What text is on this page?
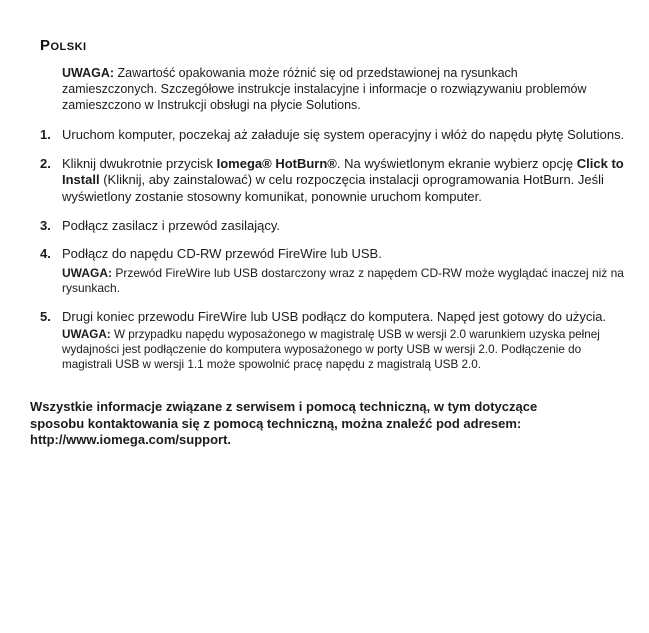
Polski

UWAGA: Zawartość opakowania może różnić się od przedstawionej na rysunkach zamieszczonych. Szczegółowe instrukcje instalacyjne i informacje o rozwiązywaniu problemów zamieszczono w Instrukcji obsługi na płycie Solutions.

1. Uruchom komputer, poczekaj aż załaduje się system operacyjny i włóż do napędu płytę Solutions.

2. Kliknij dwukrotnie przycisk Iomega® HotBurn®. Na wyświetlonym ekranie wybierz opcję Click to Install (Kliknij, aby zainstalować) w celu rozpoczęcia instalacji oprogramowania HotBurn. Jeśli wyświetlony zostanie stosowny komunikat, ponownie uruchom komputer.

3. Podłącz zasilacz i przewód zasilający.

4. Podłącz do napędu CD-RW przewód FireWire lub USB.

UWAGA: Przewód FireWire lub USB dostarczony wraz z napędem CD-RW może wyglądać inaczej niż na rysunkach.

5. Drugi koniec przewodu FireWire lub USB podłącz do komputera. Napęd jest gotowy do użycia.

UWAGA: W przypadku napędu wyposażonego w magistralę USB w wersji 2.0 warunkiem uzyska pełnej wydajności jest podłączenie do komputera wyposażonego w porty USB w wersji 2.0. Podłączenie do magistrali USB w wersji 1.1 może spowolnić pracę napędu z magistralą USB 2.0.

Wszystkie informacje związane z serwisem i pomocą techniczną, w tym dotyczące sposobu kontaktowania się z pomocą techniczną, można znaleźć pod adresem: http://www.iomega.com/support.
